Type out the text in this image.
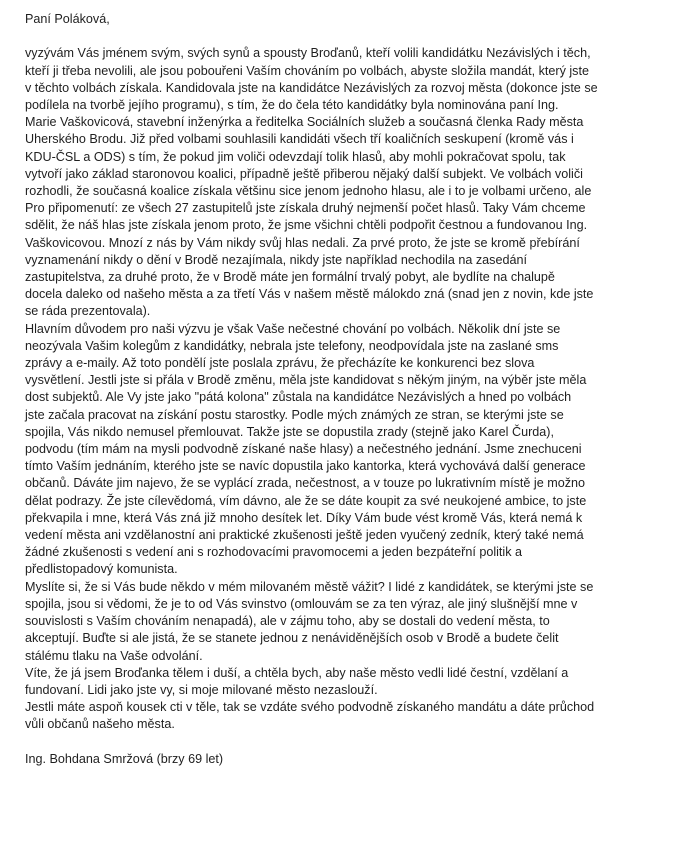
Paní Poláková,
vyzývám Vás jménem svým, svých synů a spousty Broďanů, kteří volili kandidátku Nezávislých i těch,
kteří ji třeba nevolili, ale jsou pobouřeni Vaším chováním po volbách, abyste složila mandát, který jste
v těchto volbách získala. Kandidovala jste na kandidátce Nezávislých za rozvoj města (dokonce jste se
podílela na tvorbě jejího programu), s tím, že do čela této kandidátky byla nominována paní Ing.
Marie Vaškovicová, stavební inženýrka a ředitelka Sociálních služeb a současná členka Rady města
Uherského Brodu. Již před volbami souhlasili kandidáti všech tří koaličních seskupení (kromě vás i
KDU-ČSL a ODS) s tím, že pokud jim voliči odevzdají tolik hlasů, aby mohli pokračovat spolu, tak
vytvoří jako základ staronovou koalici, případně ještě přiberou nějaký další subjekt. Ve volbách voliči
rozhodli, že současná koalice získala většinu sice jenom jednoho hlasu, ale i to je volbami určeno, ale
Pro připomenutí: ze všech 27 zastupitelů jste získala druhý nejmenší počet hlasů. Taky Vám chceme
sdělit, že náš hlas jste získala jenom proto, že jsme všichni chtěli podpořit čestnou a fundovanou Ing.
Vaškovicovou. Mnozí z nás by Vám nikdy svůj hlas nedali. Za prvé proto, že jste se kromě přebírání
vyznamenání nikdy o dění v Brodě nezajímala, nikdy jste například nechodila na zasedání
zastupitelstva, za druhé proto, že v Brodě máte jen formální trvalý pobyt, ale bydlíte na chalupě
docela daleko od našeho města a za třetí Vás v našem městě málokdo zná (snad jen z novin, kde jste
se ráda prezentovala).
Hlavním důvodem pro naši výzvu je však Vaše nečestné chování po volbách. Několik dní jste se
neozývala Vašim kolegům z kandidátky, nebrala jste telefony, neodpovídala jste na zaslané sms
zprávy a e-maily. Až toto pondělí jste poslala zprávu, že přecházíte ke konkurenci bez slova
vysvětlení. Jestli jste si přála v Brodě změnu, měla jste kandidovat s někým jiným, na výběr jste měla
dost subjektů. Ale Vy jste jako "pátá kolona" zůstala na kandidátce Nezávislých a hned po volbách
jste začala pracovat na získání postu starostky. Podle mých známých ze stran, se kterými jste se
spojila, Vás nikdo nemusel přemlouvat. Takže jste se dopustila zrady (stejně jako Karel Čurda),
podvodu (tím mám na mysli podvodně získané naše hlasy) a nečestného jednání. Jsme znechuceni
tímto Vaším jednáním, kterého jste se navíc dopustila jako kantorka, která vychovává další generace
občanů. Dáváte jim najevo, že se vyplácí zrada, nečestnost, a v touze po lukrativním místě je možno
dělat podrazy. Že jste cílevědomá, vím dávno, ale že se dáte koupit za své neukojené ambice, to jste
překvapila i mne, která Vás zná již mnoho desítek let. Díky Vám bude vést kromě Vás, která nemá k
vedení města ani vzdělanostní ani praktické zkušenosti ještě jeden vyučený zedník, který také nemá
žádné zkušenosti s vedení ani s rozhodovacími pravomocemi a jeden bezpáteřní politik a
předlistopadový komunista.
Myslíte si, že si Vás bude někdo v mém milovaném městě vážit? I lidé z kandidátek, se kterými jste se
spojila, jsou si vědomi, že je to od Vás svinstvo (omlouvám se za ten výraz, ale jiný slušnější mne v
souvislosti s Vaším chováním nenapadá), ale v zájmu toho, aby se dostali do vedení města, to
akceptují. Buďte si ale jistá, že se stanete jednou z nenáviděnějších osob v Brodě a budete čelit
stálému tlaku na Vaše odvolání.
Víte, že já jsem Broďanka tělem i duší, a chtěla bych, aby naše město vedli lidé čestní, vzdělaní a
fundovaní. Lidi jako jste vy, si moje milované město nezaslouží.
Jestli máte aspoň kousek cti v těle, tak se vzdáte svého podvodně získaného mandátu a dáte průchod
vůli občanů našeho města.
Ing. Bohdana Smržová (brzy 69 let)
